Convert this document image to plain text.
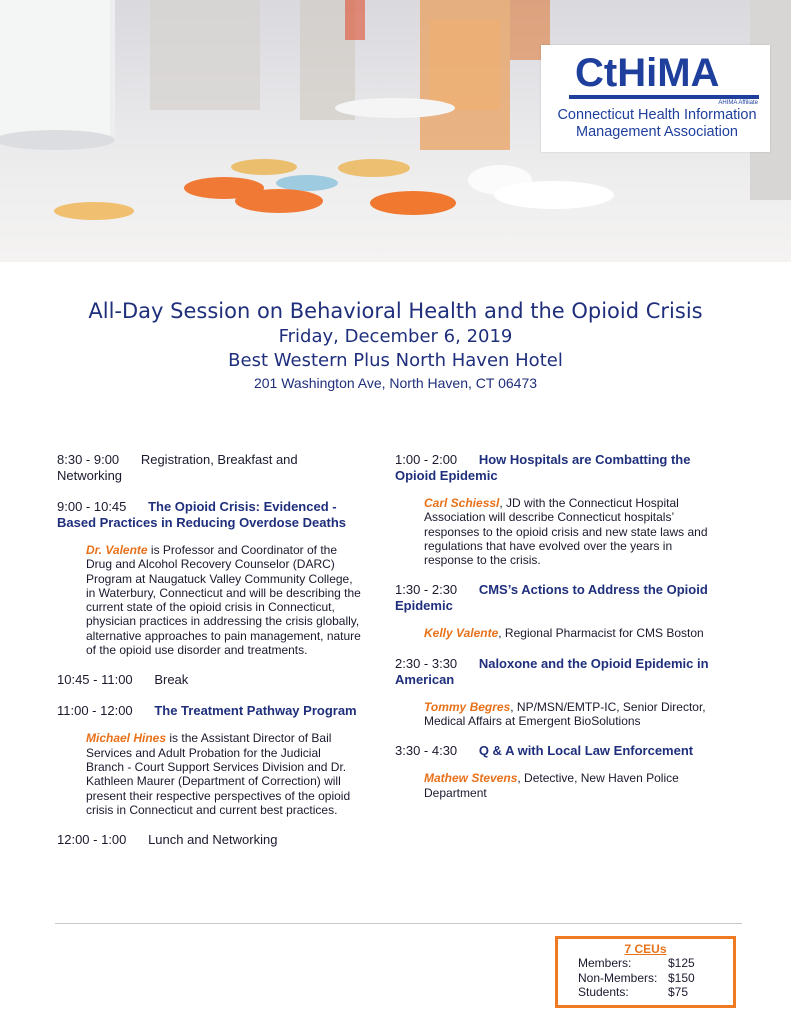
CtHiMA
AHIMA Affiliate
Connecticut Health Information
Management Association
All-Day Session on Behavioral Health and the Opioid Crisis
Friday, December 6, 2019
Best Western Plus North Haven Hotel
201 Washington Ave, North Haven, CT 06473
8:30 - 9:00 Registration, Breakfast and Networking
9:00 - 10:45 The Opioid Crisis: Evidenced - Based Practices in Reducing Overdose Deaths
Dr. Valente is Professor and Coordinator of the Drug and Alcohol Recovery Counselor (DARC) Program at Naugatuck Valley Community College, in Waterbury, Connecticut and will be describing the current state of the opioid crisis in Connecticut, physician practices in addressing the crisis globally, alternative approaches to pain management, nature of the opioid use disorder and treatments.
10:45 - 11:00 Break
11:00 - 12:00 The Treatment Pathway Program
Michael Hines is the Assistant Director of Bail Services and Adult Probation for the Judicial Branch - Court Support Services Division and Dr. Kathleen Maurer (Department of Correction) will present their respective perspectives of the opioid crisis in Connecticut and current best practices.
12:00 - 1:00 Lunch and Networking
1:00 - 2:00 How Hospitals are Combatting the Opioid Epidemic
Carl Schiessl, JD with the Connecticut Hospital Association will describe Connecticut hospitals’ responses to the opioid crisis and new state laws and regulations that have evolved over the years in response to the crisis.
1:30 - 2:30 CMS’s Actions to Address the Opioid Epidemic
Kelly Valente, Regional Pharmacist for CMS Boston
2:30 - 3:30 Naloxone and the Opioid Epidemic in American
Tommy Begres, NP/MSN/EMTP-IC, Senior Director, Medical Affairs at Emergent BioSolutions
3:30 - 4:30 Q & A with Local Law Enforcement
Mathew Stevens, Detective, New Haven Police Department
7 CEUs
Members:	$125
Non-Members: $150
Students:	$75
